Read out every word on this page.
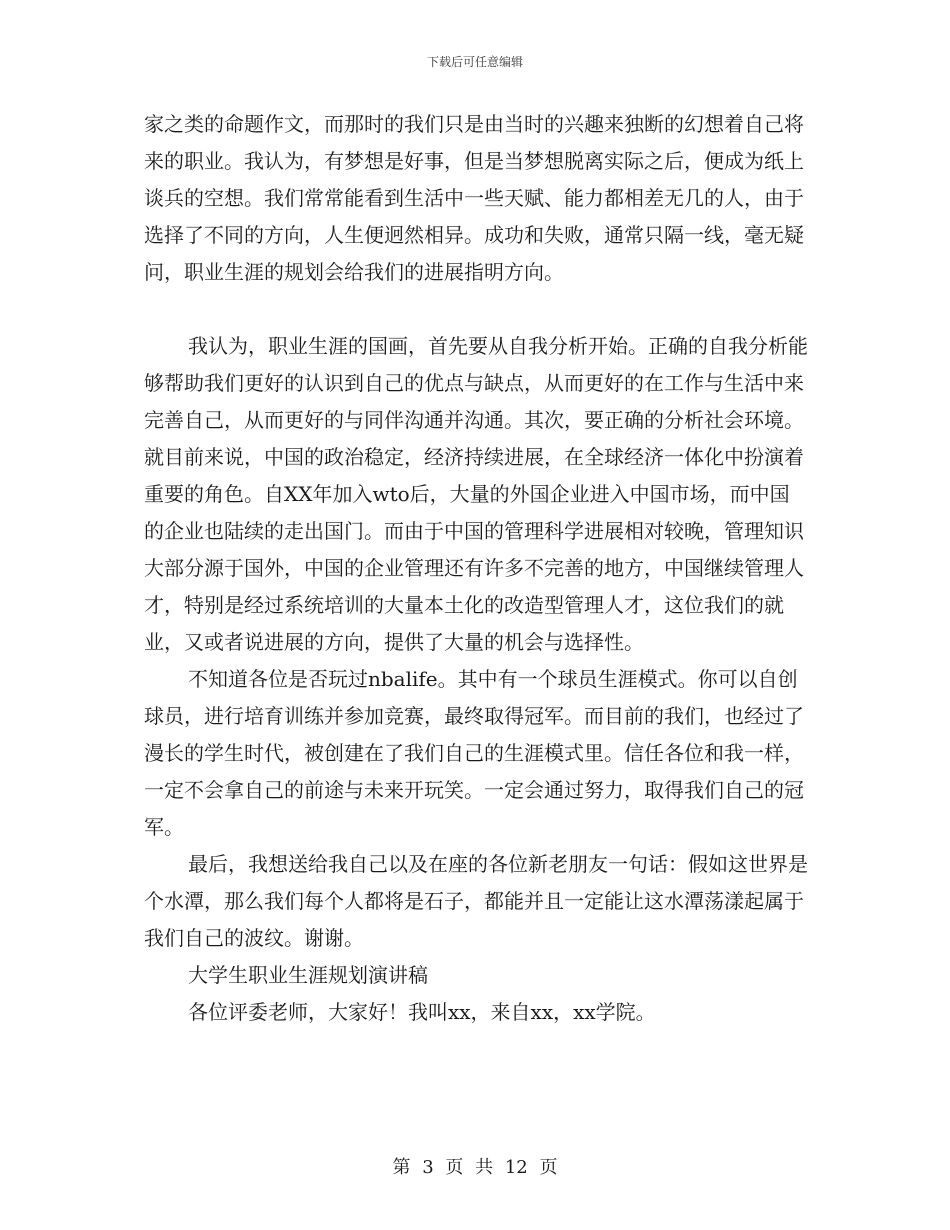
下载后可任意编辑

家之类的命题作文，而那时的我们只是由当时的兴趣来独断的幻想着自己将来的职业。我认为，有梦想是好事，但是当梦想脱离实际之后，便成为纸上谈兵的空想。我们常常能看到生活中一些天赋、能力都相差无几的人，由于选择了不同的方向，人生便迥然相异。成功和失败，通常只隔一线，毫无疑问，职业生涯的规划会给我们的进展指明方向。

我认为，职业生涯的国画，首先要从自我分析开始。正确的自我分析能够帮助我们更好的认识到自己的优点与缺点，从而更好的在工作与生活中来完善自己，从而更好的与同伴沟通并沟通。其次，要正确的分析社会环境。就目前来说，中国的政治稳定，经济持续进展，在全球经济一体化中扮演着重要的角色。自XX年加入wto后，大量的外国企业进入中国市场，而中国的企业也陆续的走出国门。而由于中国的管理科学进展相对较晚，管理知识大部分源于国外，中国的企业管理还有许多不完善的地方，中国继续管理人才，特别是经过系统培训的大量本土化的改造型管理人才，这位我们的就业，又或者说进展的方向，提供了大量的机会与选择性。

不知道各位是否玩过nbalife。其中有一个球员生涯模式。你可以自创球员，进行培育训练并参加竞赛，最终取得冠军。而目前的我们，也经过了漫长的学生时代，被创建在了我们自己的生涯模式里。信任各位和我一样，一定不会拿自己的前途与未来开玩笑。一定会通过努力，取得我们自己的冠军。

最后，我想送给我自己以及在座的各位新老朋友一句话：假如这世界是个水潭，那么我们每个人都将是石子，都能并且一定能让这水潭荡漾起属于我们自己的波纹。谢谢。

大学生职业生涯规划演讲稿

各位评委老师，大家好！我叫xx，来自xx，xx学院。

第 3 页 共 12 页
